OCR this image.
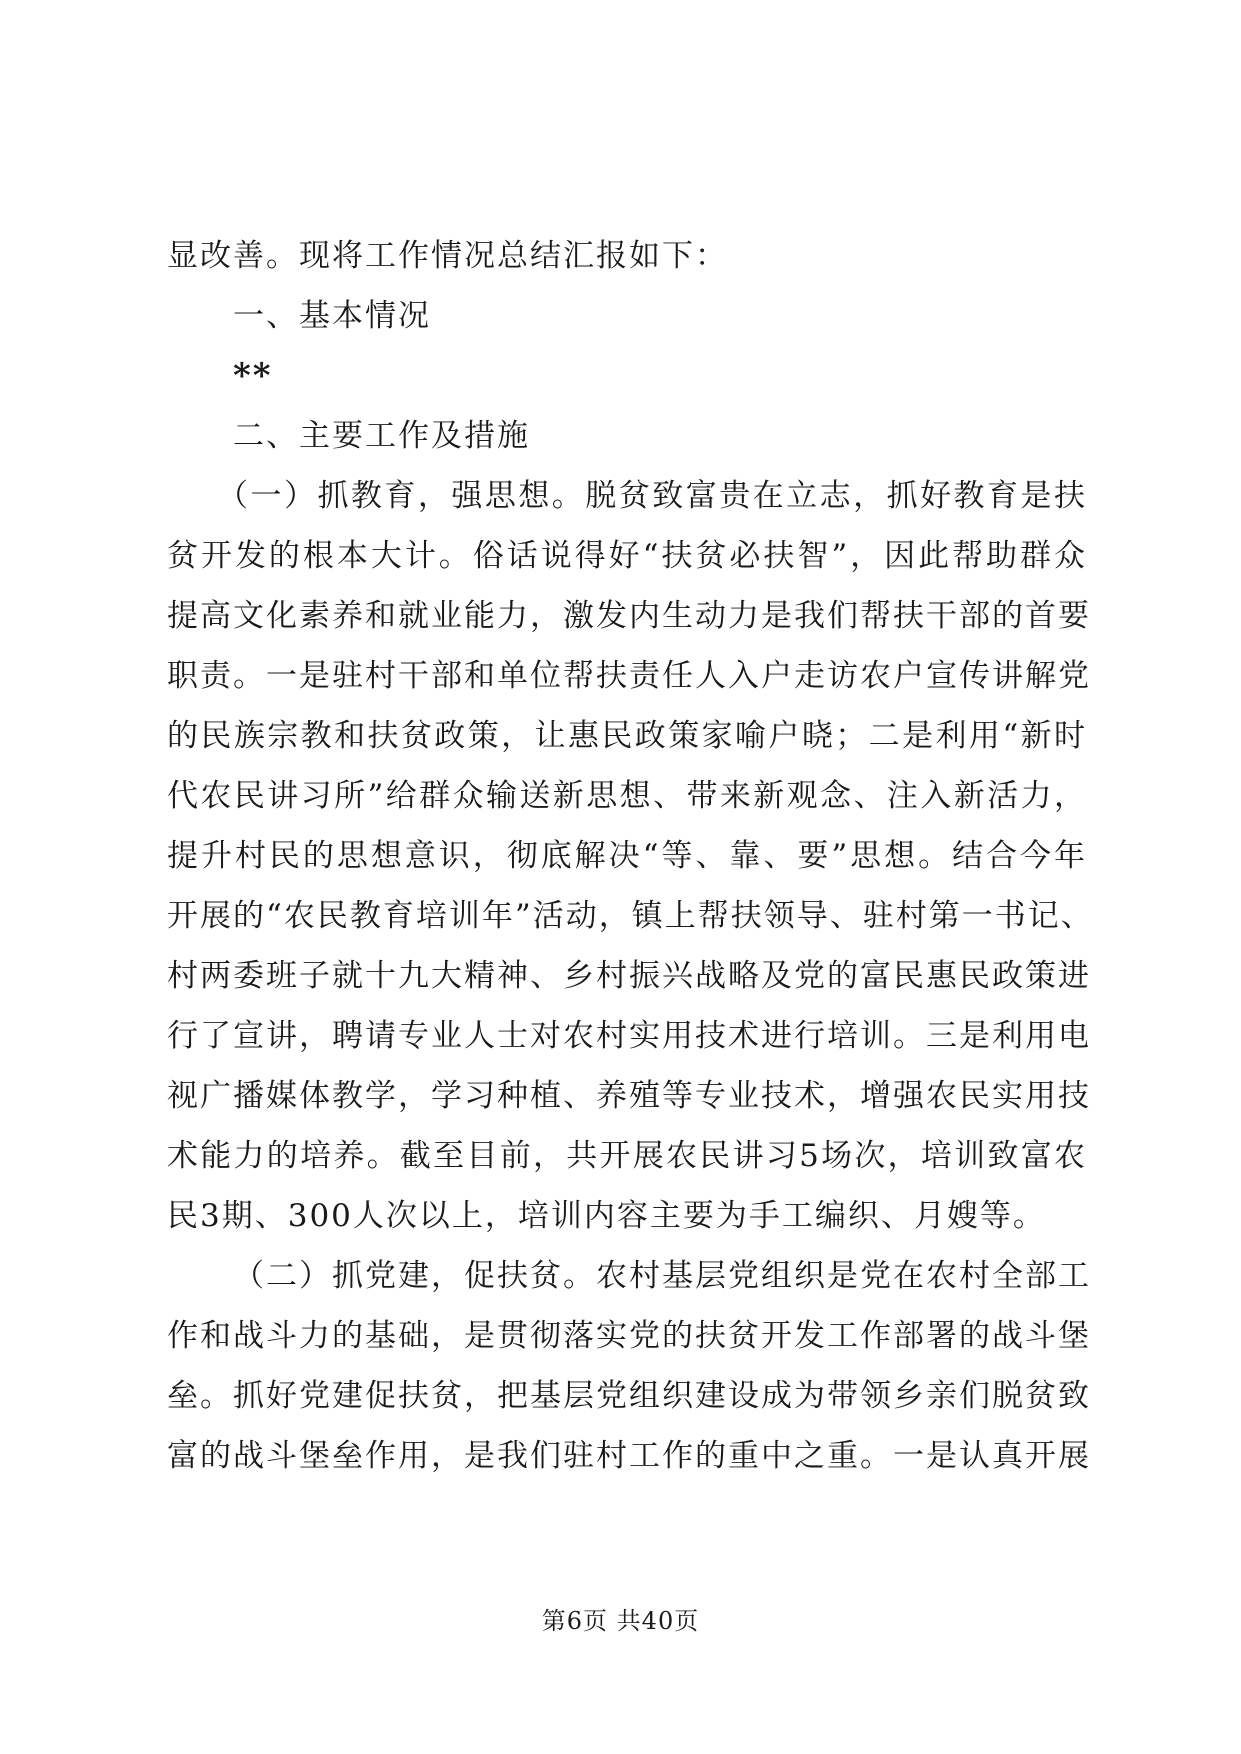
显改善。现将工作情况总结汇报如下：
一、基本情况
**
二、主要工作及措施
（一）抓教育，强思想。脱贫致富贵在立志，抓好教育是扶
贫开发的根本大计。俗话说得好“扶贫必扶智”，因此帮助群众
提高文化素养和就业能力，激发内生动力是我们帮扶干部的首要
职责。一是驻村干部和单位帮扶责任人入户走访农户宣传讲解党
的民族宗教和扶贫政策，让惠民政策家喻户晓；二是利用“新时
代农民讲习所”给群众输送新思想、带来新观念、注入新活力，
提升村民的思想意识，彻底解决“等、靠、要”思想。结合今年
开展的“农民教育培训年”活动，镇上帮扶领导、驻村第一书记、
村两委班子就十九大精神、乡村振兴战略及党的富民惠民政策进
行了宣讲，聘请专业人士对农村实用技术进行培训。三是利用电
视广播媒体教学，学习种植、养殖等专业技术，增强农民实用技
术能力的培养。截至目前，共开展农民讲习5场次，培训致富农
民3期、300人次以上，培训内容主要为手工编织、月嫂等。
（二）抓党建，促扶贫。农村基层党组织是党在农村全部工
作和战斗力的基础，是贯彻落实党的扶贫开发工作部署的战斗堡
垒。抓好党建促扶贫，把基层党组织建设成为带领乡亲们脱贫致
富的战斗堡垒作用，是我们驻村工作的重中之重。一是认真开展
第6页 共40页
